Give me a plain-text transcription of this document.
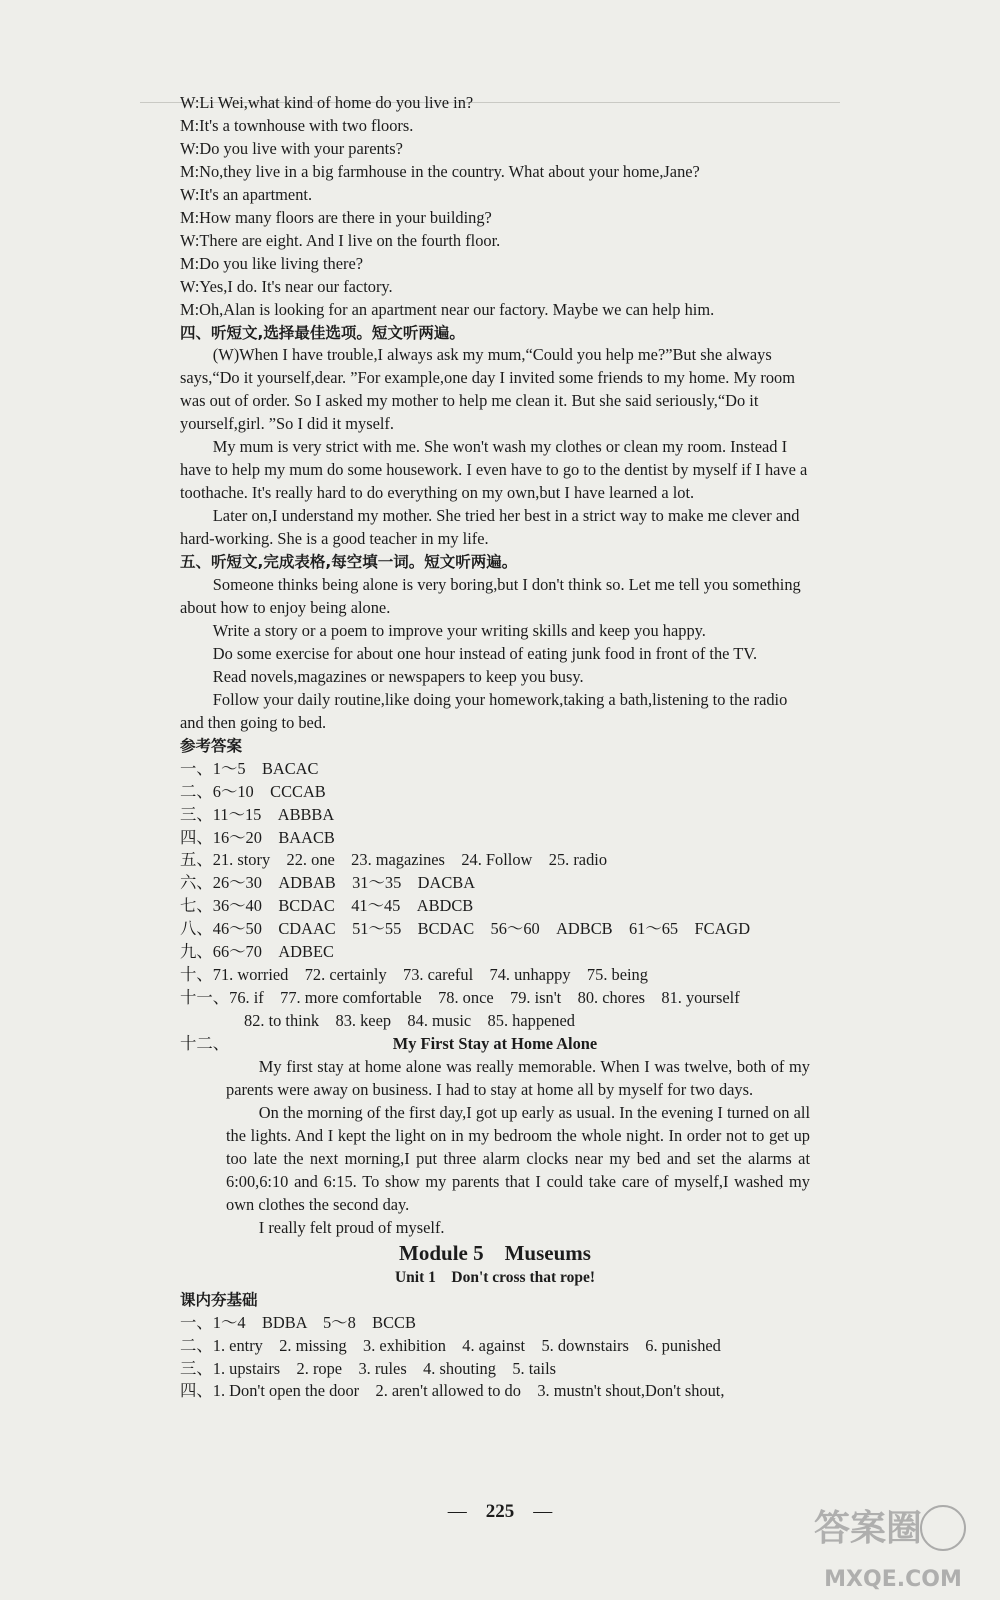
W:Li Wei,what kind of home do you live in?

M:It's a townhouse with two floors.

W:Do you live with your parents?

M:No,they live in a big farmhouse in the country. What about your home,Jane?

W:It's an apartment.

M:How many floors are there in your building?

W:There are eight. And I live on the fourth floor.

M:Do you like living there?

W:Yes,I do. It's near our factory.

M:Oh,Alan is looking for an apartment near our factory. Maybe we can help him.

四、听短文,选择最佳选项。短文听两遍。

(W)When I have trouble,I always ask my mum,“Could you help me?”But she always says,“Do it yourself,dear. ”For example,one day I invited some friends to my home. My room was out of order. So I asked my mother to help me clean it. But she said seriously,“Do it yourself,girl. ”So I did it myself.

My mum is very strict with me. She won't wash my clothes or clean my room. Instead I have to help my mum do some housework. I even have to go to the dentist by myself if I have a toothache. It's really hard to do everything on my own,but I have learned a lot.

Later on,I understand my mother. She tried her best in a strict way to make me clever and hard-working. She is a good teacher in my life.

五、听短文,完成表格,每空填一词。短文听两遍。

Someone thinks being alone is very boring,but I don't think so. Let me tell you something about how to enjoy being alone.

Write a story or a poem to improve your writing skills and keep you happy.

Do some exercise for about one hour instead of eating junk food in front of the TV.

Read novels,magazines or newspapers to keep you busy.

Follow your daily routine,like doing your homework,taking a bath,listening to the radio and then going to bed.

参考答案

一、1～5　BACAC

二、6～10　CCCAB

三、11～15　ABBBA

四、16～20　BAACB

五、21. story　22. one　23. magazines　24. Follow　25. radio

六、26～30　ADBAB　31～35　DACBA

七、36～40　BCDAC　41～45　ABDCB

八、46～50　CDAAC　51～55　BCDAC　56～60　ADBCB　61～65　FCAGD

九、66～70　ADBEC

十、71. worried　72. certainly　73. careful　74. unhappy　75. being

十一、76. if　77. more comfortable　78. once　79. isn't　80. chores　81. yourself

82. to think　83. keep　84. music　85. happened

十二、	My First Stay at Home Alone

My first stay at home alone was really memorable. When I was twelve, both of my parents were away on business. I had to stay at home all by myself for two days.

On the morning of the first day,I got up early as usual. In the evening I turned on all the lights. And I kept the light on in my bedroom the whole night. In order not to get up too late the next morning,I put three alarm clocks near my bed and set the alarms at 6:00,6:10 and 6:15. To show my parents that I could take care of myself,I washed my own clothes the second day.

I really felt proud of myself.

Module 5　Museums

Unit 1　Don't cross that rope!

课内夯基础

一、1～4　BDBA　5～8　BCCB

二、1. entry　2. missing　3. exhibition　4. against　5. downstairs　6. punished

三、1. upstairs　2. rope　3. rules　4. shouting　5. tails

四、1. Don't open the door　2. aren't allowed to do　3. mustn't shout,Don't shout,

—　225　—	答案圈
MXQE.COM
